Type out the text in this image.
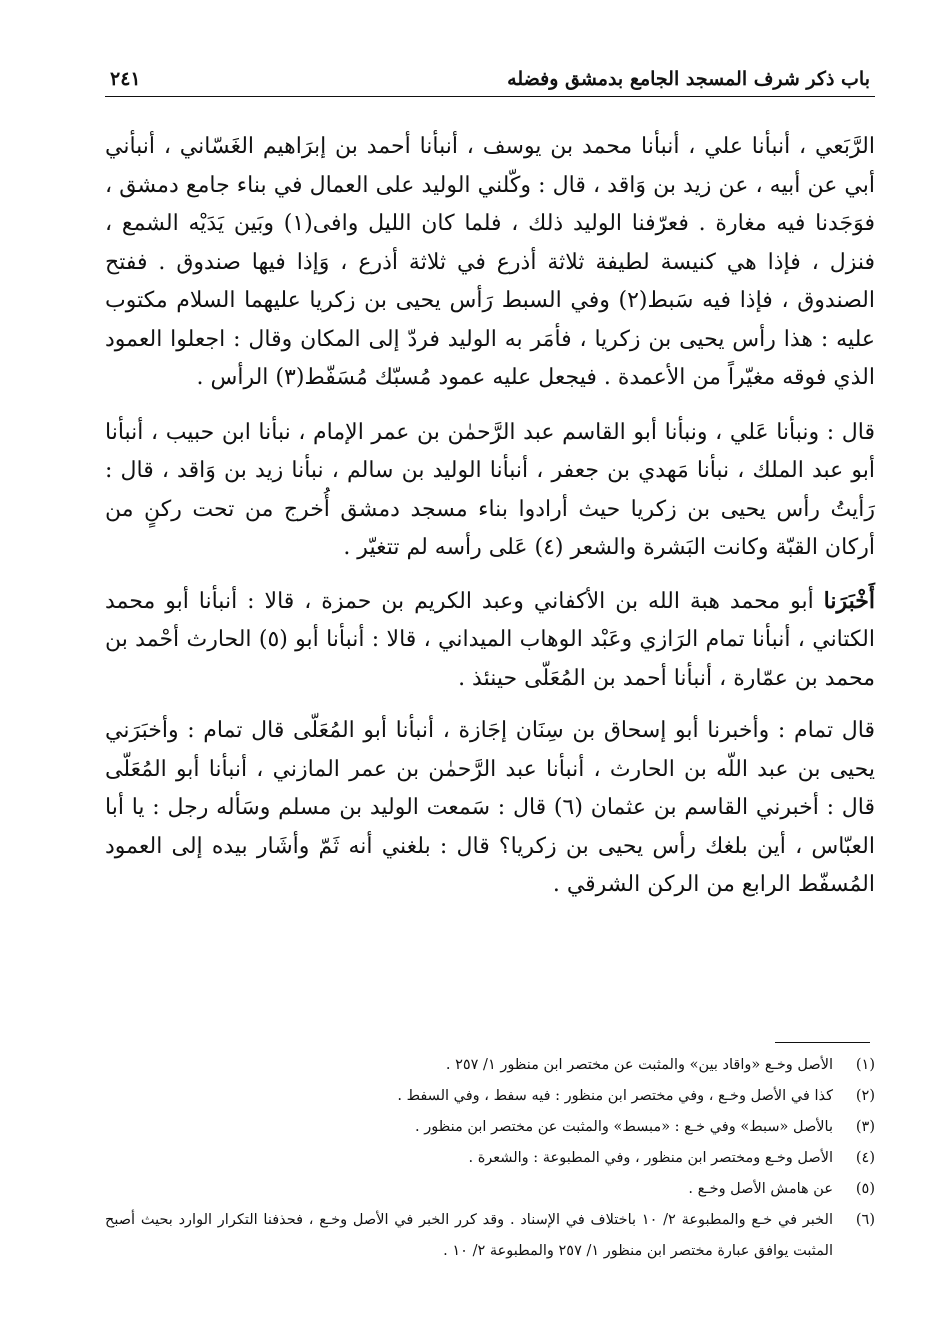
باب ذكر شرف المسجد الجامع بدمشق وفضله
٢٤١

الرَّبَعي ، أنبأنا علي ، أنبأنا محمد بن يوسف ، أنبأنا أحمد بن إبرَاهيم الغَسّاني ، أنبأني أبي عن أبيه ، عن زيد بن وَاقد ، قال : وكّلني الوليد على العمال في بناء جامع دمشق ، فوَجَدنا فيه مغارة . فعرّفنا الوليد ذلك ، فلما كان الليل وافى(١) وبَين يَدَيْه الشمع ، فنزل ، فإذا هي كنيسة لطيفة ثلاثة أذرع في ثلاثة أذرع ، وَإذا فيها صندوق . ففتح الصندوق ، فإذا فيه سَبط(٢) وفي السبط رَأس يحيى بن زكريا عليهما السلام مكتوب عليه : هذا رأس يحيى بن زكريا ، فأمَر به الوليد فردّ إلى المكان وقال : اجعلوا العمود الذي فوقه مغيّراً من الأعمدة . فيجعل عليه عمود مُسبّك مُسَفّط(٣) الرأس .

قال : ونبأنا عَلي ، ونبأنا أبو القاسم عبد الرَّحمٰن بن عمر الإمام ، نبأنا ابن حبيب ، أنبأنا أبو عبد الملك ، نبأنا مَهدي بن جعفر ، أنبأنا الوليد بن سالم ، نبأنا زيد بن وَاقد ، قال : رَأيتُ رأس يحيى بن زكريا حيث أرادوا بناء مسجد دمشق أُخرج من تحت ركنٍ من أركان القبّة وكانت البَشرة والشعر (٤) عَلى رأسه لم تتغيّر .

أَخْبَرَنا أبو محمد هبة الله بن الأكفاني وعبد الكريم بن حمزة ، قالا : أنبأنا أبو محمد الكتاني ، أنبأنا تمام الرَازي وعَبْد الوهاب الميداني ، قالا : أنبأنا أبو (٥) الحارث أحْمد بن محمد بن عمّارة ، أنبأنا أحمد بن المُعَلّى حينئذ .

قال تمام : وأخبرنا أبو إسحاق بن سِنَان إجَازة ، أنبأنا أبو المُعَلّى قال تمام : وأخبَرَني يحيى بن عبد اللّه بن الحارث ، أنبأنا عبد الرَّحمٰن بن عمر المازني ، أنبأنا أبو المُعَلّى قال : أخبرني القاسم بن عثمان (٦) قال : سَمعت الوليد بن مسلم وسَأله رجل : يا أبا العبّاس ، أين بلغك رأس يحيى بن زكريا؟ قال : بلغني أنه ثَمّ وأشَار بيده إلى العمود المُسفّط الرابع من الركن الشرقي .

(١)
الأصل وخـع «واقاد بين» والمثبت عن مختصر ابن منظور ١/ ٢٥٧ .
(٢)
كذا في الأصل وخـع ، وفي مختصر ابن منظور : فيه سفط ، وفي السفط .
(٣)
بالأصل «سبط» وفي خـع : «مبسط» والمثبت عن مختصر ابن منظور .
(٤)
الأصل وخـع ومختصر ابن منظور ، وفي المطبوعة : والشعرة .
(٥)
عن هامش الأصل وخـع .
(٦)
الخبر في خـع والمطبوعة ٢/ ١٠ باختلاف في الإسناد . وقد كرر الخبر في الأصل وخـع ، فحذفنا التكرار الوارد بحيث أصبح المثبت يوافق عبارة مختصر ابن منظور ١/ ٢٥٧ والمطبوعة ٢/ ١٠ .
